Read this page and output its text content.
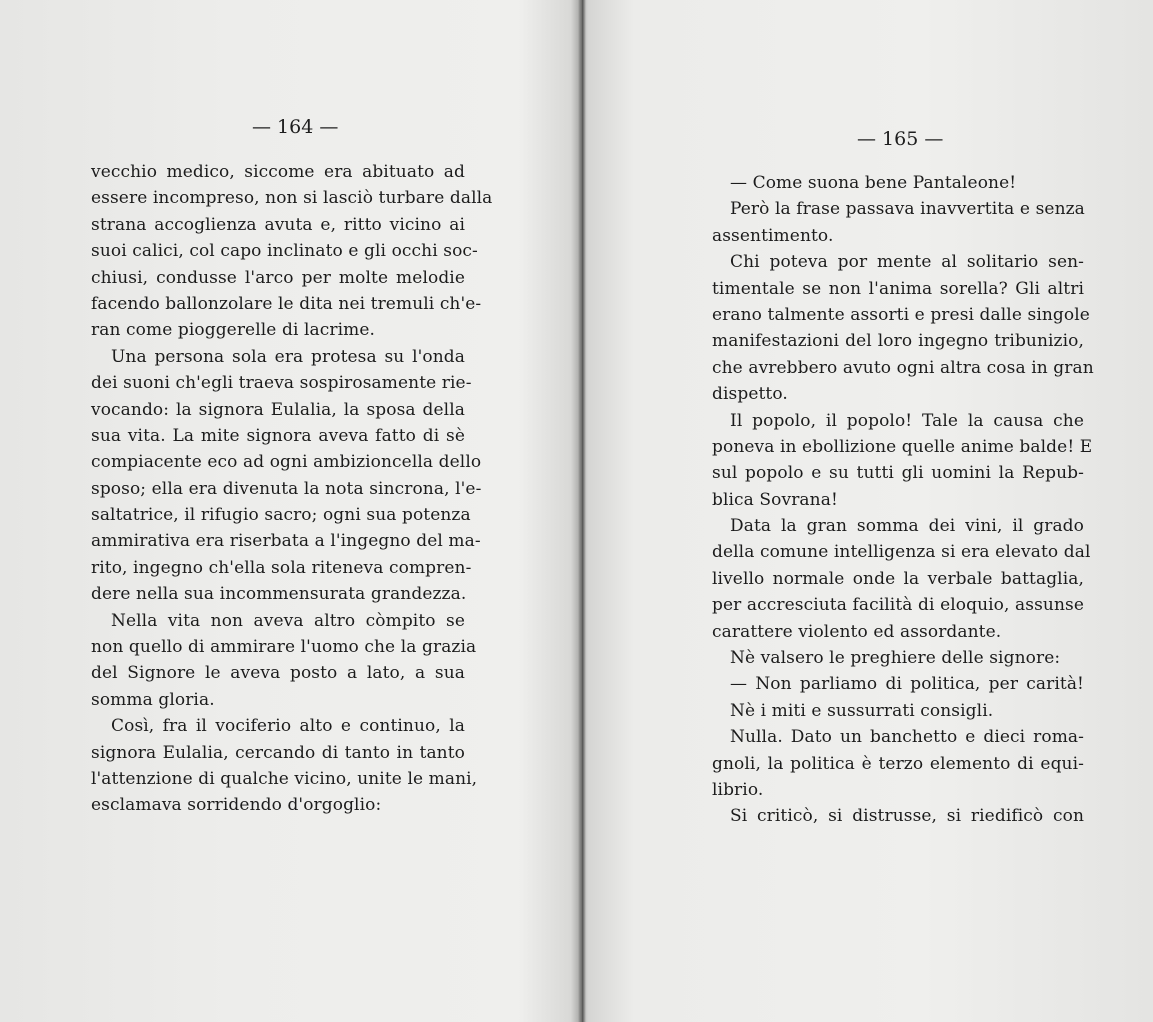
— 164 —
vecchio medico, siccome era abituato ad
essere incompreso, non si lasciò turbare dalla
strana accoglienza avuta e, ritto vicino ai
suoi calici, col capo inclinato e gli occhi soc-
chiusi, condusse l'arco per molte melodie
facendo ballonzolare le dita nei tremuli ch'e-
ran come pioggerelle di lacrime.
Una persona sola era protesa su l'onda
dei suoni ch'egli traeva sospirosamente rie-
vocando: la signora Eulalia, la sposa della
sua vita. La mite signora aveva fatto di sè
compiacente eco ad ogni ambizioncella dello
sposo; ella era divenuta la nota sincrona, l'e-
saltatrice, il rifugio sacro; ogni sua potenza
ammirativa era riserbata a l'ingegno del ma-
rito, ingegno ch'ella sola riteneva compren-
dere nella sua incommensurata grandezza.
Nella vita non aveva altro còmpito se
non quello di ammirare l'uomo che la grazia
del Signore le aveva posto a lato, a sua
somma gloria.
Così, fra il vociferio alto e continuo, la
signora Eulalia, cercando di tanto in tanto
l'attenzione di qualche vicino, unite le mani,
esclamava sorridendo d'orgoglio:
— 165 —
— Come suona bene Pantaleone!
Però la frase passava inavvertita e senza
assentimento.
Chi poteva por mente al solitario sen-
timentale se non l'anima sorella? Gli altri
erano talmente assorti e presi dalle singole
manifestazioni del loro ingegno tribunizio,
che avrebbero avuto ogni altra cosa in gran
dispetto.
Il popolo, il popolo! Tale la causa che
poneva in ebollizione quelle anime balde! E
sul popolo e su tutti gli uomini la Repub-
blica Sovrana!
Data la gran somma dei vini, il grado
della comune intelligenza si era elevato dal
livello normale onde la verbale battaglia,
per accresciuta facilità di eloquio, assunse
carattere violento ed assordante.
Nè valsero le preghiere delle signore:
— Non parliamo di politica, per carità!
Nè i miti e sussurrati consigli.
Nulla. Dato un banchetto e dieci roma-
gnoli, la politica è terzo elemento di equi-
librio.
Si criticò, si distrusse, si riedificò con
